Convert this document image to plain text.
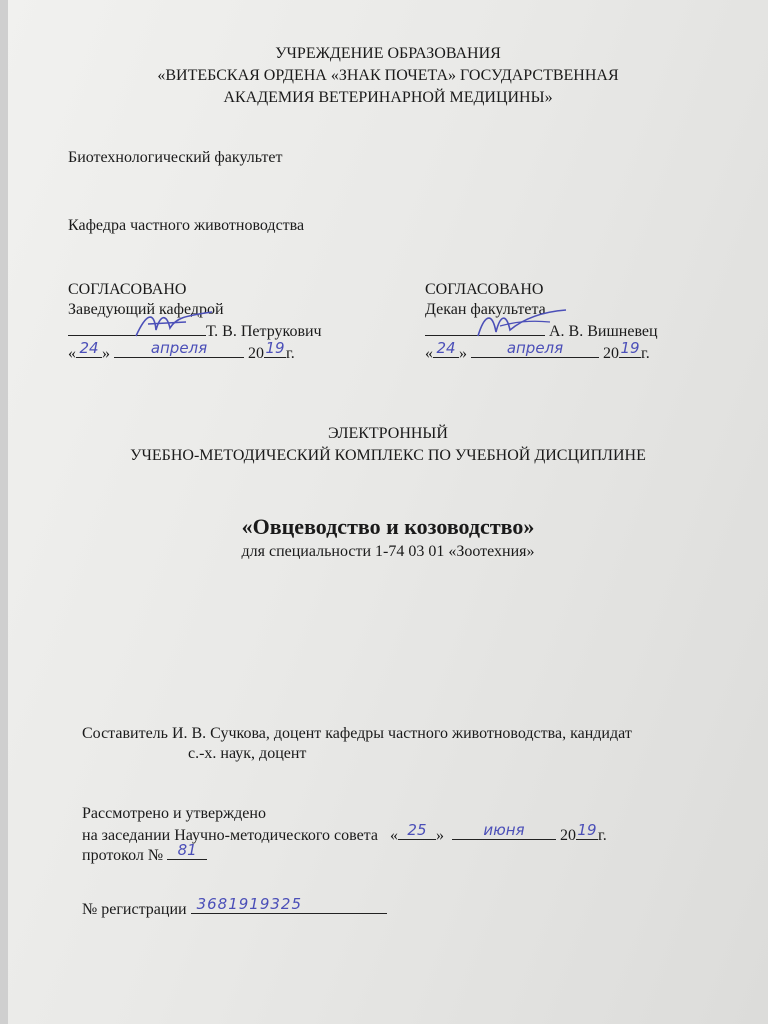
УЧРЕЖДЕНИЕ ОБРАЗОВАНИЯ
«ВИТЕБСКАЯ ОРДЕНА «ЗНАК ПОЧЕТА» ГОСУДАРСТВЕННАЯ
АКАДЕМИЯ ВЕТЕРИНАРНОЙ МЕДИЦИНЫ»
Биотехнологический факультет
Кафедра частного животноводства
СОГЛАСОВАНО
Заведующий кафедрой
Т. В. Петрукович
« 24 » апреля	20 19 г.
СОГЛАСОВАНО
Декан факультета
А. В. Вишневец
« 24 » апреля 20 19 г.
ЭЛЕКТРОННЫЙ
УЧЕБНО-МЕТОДИЧЕСКИЙ КОМПЛЕКС ПО УЧЕБНОЙ ДИСЦИПЛИНЕ
«Овцеводство и козоводство»
для специальности 1-74 03 01 «Зоотехния»
Составитель И. В. Сучкова, доцент кафедры частного животноводства, кандидат
с.-х. наук, доцент
Рассмотрено и утверждено
на заседании Научно-методического совета   « 25 » июня 20 19 г.
протокол № 81
№ регистрации 3681919325
